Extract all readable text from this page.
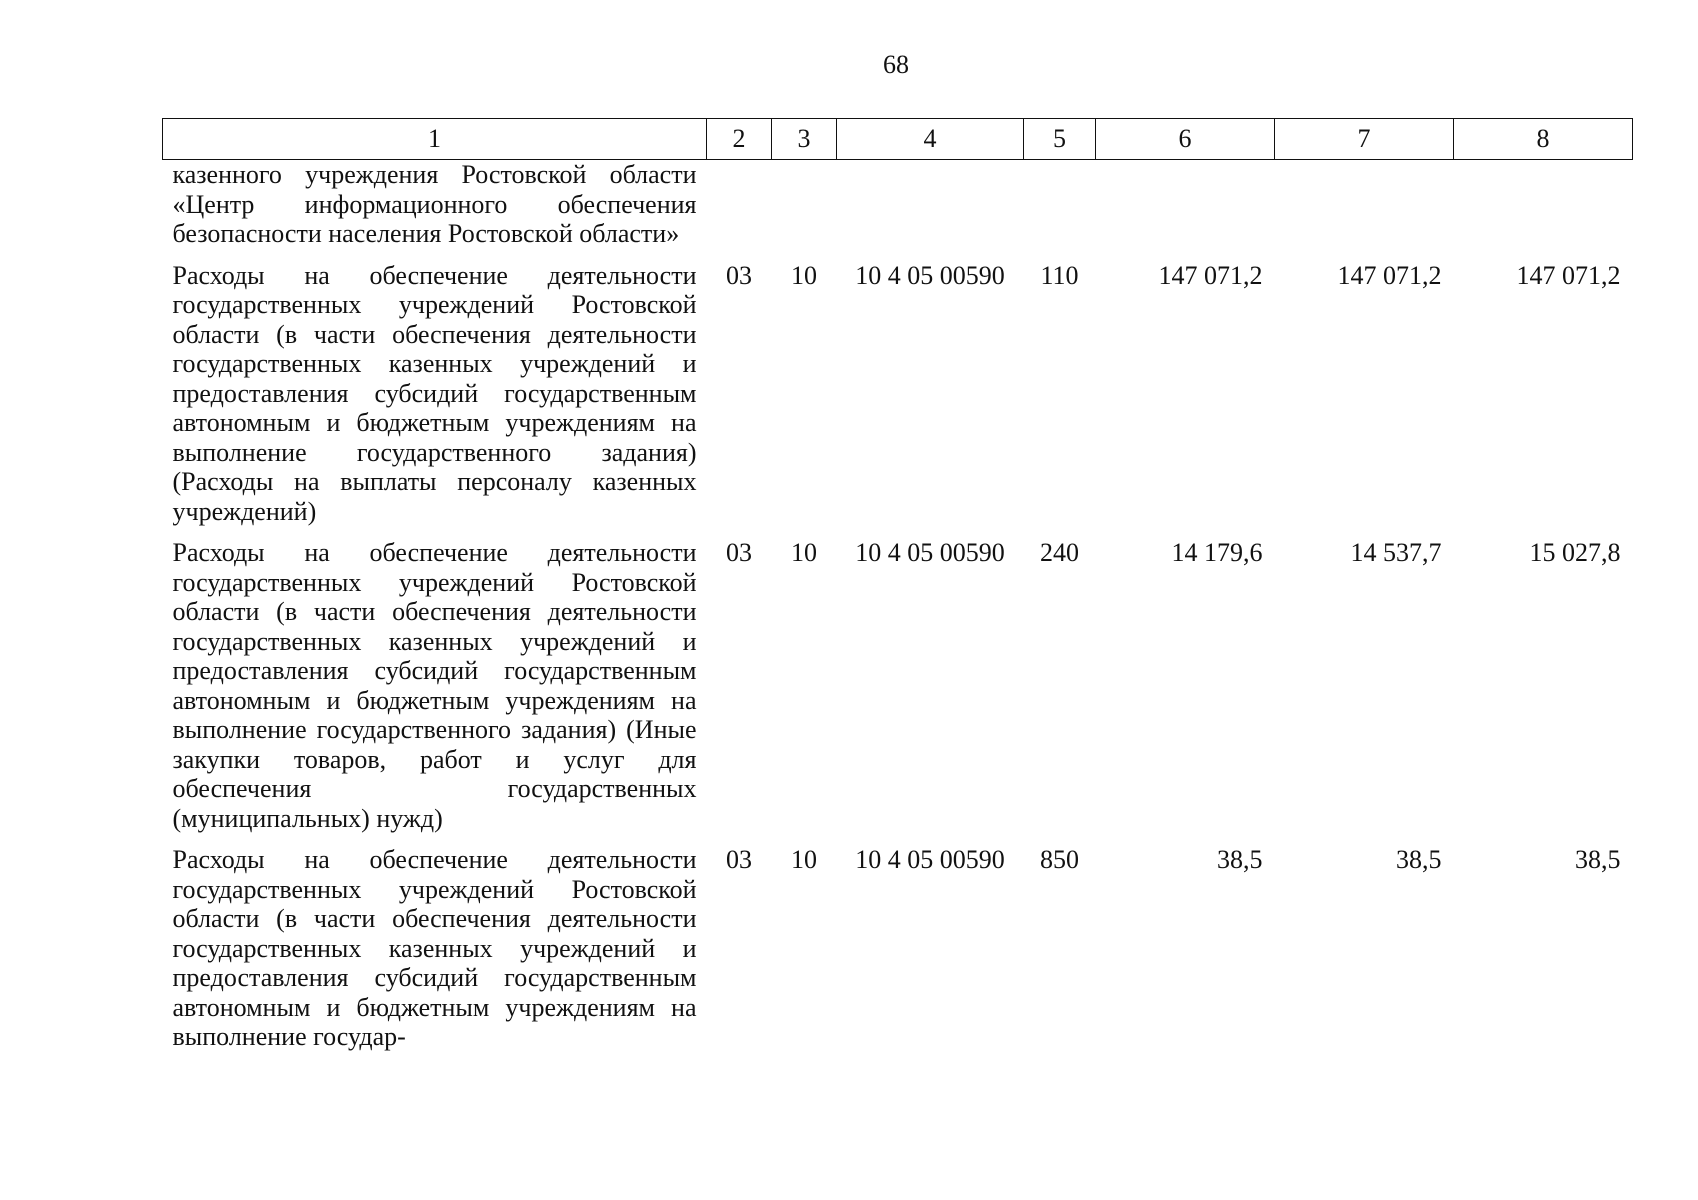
68
1	2	3	4	5	6	7	8
казенного учреждения Ростовской области «Центр информационного обеспечения безопасности населения Ростовской области»							
Расходы на обеспечение деятельности государственных учреждений Ростовской области (в части обеспечения деятельности государственных казенных учреждений и предоставления субсидий государственным автономным и бюджетным учреждениям на выполнение государственного задания) (Расходы на выплаты персоналу казенных учреждений)	03	10	10 4 05 00590	110	147 071,2	147 071,2	147 071,2
Расходы на обеспечение деятельности государственных учреждений Ростовской области (в части обеспечения деятельности государственных казенных учреждений и предоставления субсидий государственным автономным и бюджетным учреждениям на выполнение государственного задания) (Иные закупки товаров, работ и услуг для обеспечения государственных (муниципальных) нужд)	03	10	10 4 05 00590	240	14 179,6	14 537,7	15 027,8
Расходы на обеспечение деятельности государственных учреждений Ростовской области (в части обеспечения деятельности государственных казенных учреждений и предоставления субсидий государственным автономным и бюджетным учреждениям на выполнение государ-	03	10	10 4 05 00590	850	38,5	38,5	38,5
